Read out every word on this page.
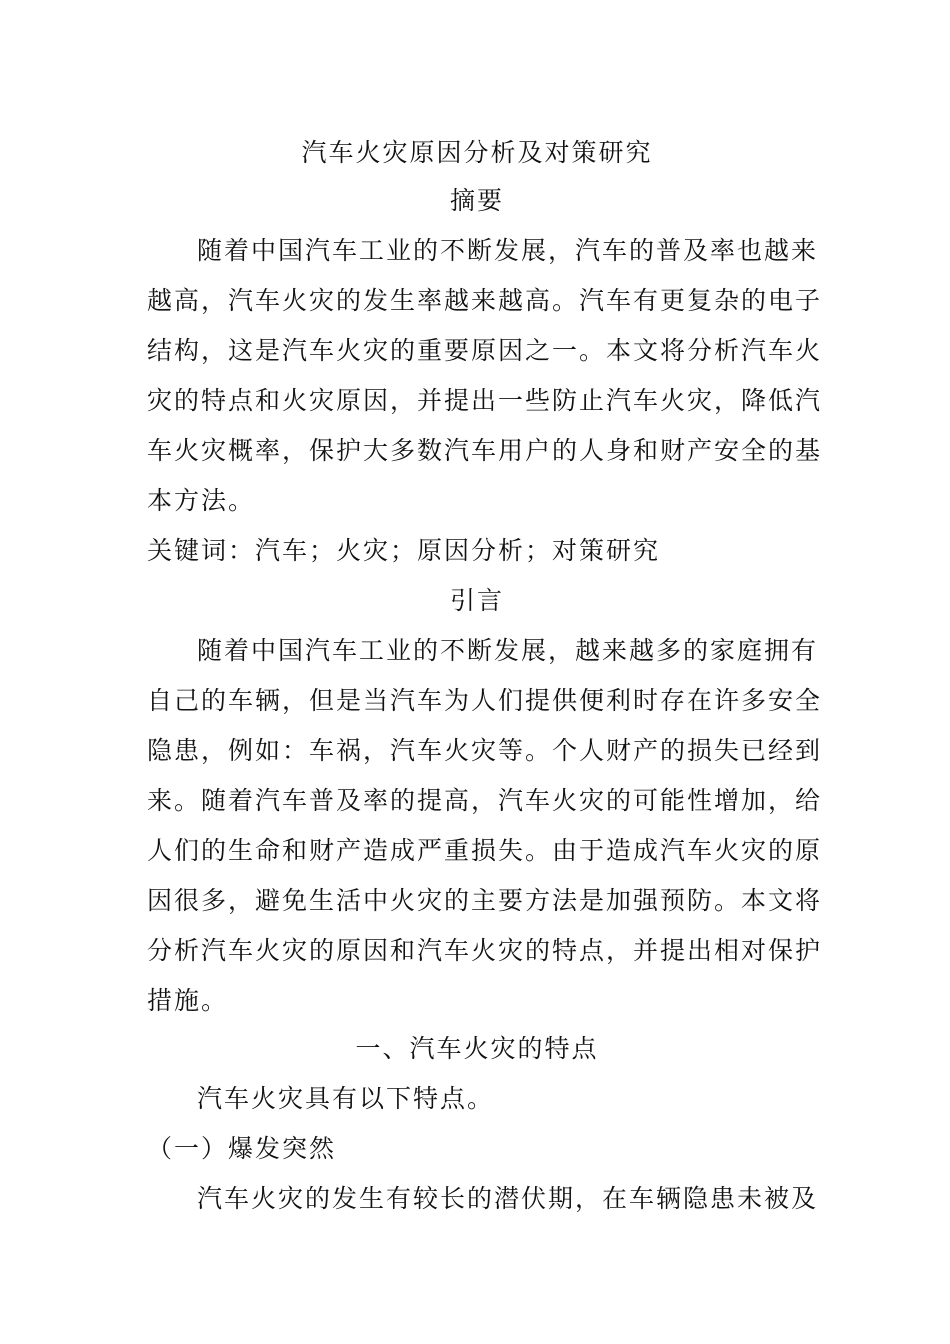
汽车火灾原因分析及对策研究
摘要
随着中国汽车工业的不断发展，汽车的普及率也越来
越高，汽车火灾的发生率越来越高。汽车有更复杂的电子
结构，这是汽车火灾的重要原因之一。本文将分析汽车火
灾的特点和火灾原因，并提出一些防止汽车火灾，降低汽
车火灾概率，保护大多数汽车用户的人身和财产安全的基
本方法。
关键词：汽车；火灾；原因分析；对策研究
引言
随着中国汽车工业的不断发展，越来越多的家庭拥有
自己的车辆，但是当汽车为人们提供便利时存在许多安全
隐患，例如：车祸，汽车火灾等。个人财产的损失已经到
来。随着汽车普及率的提高，汽车火灾的可能性增加，给
人们的生命和财产造成严重损失。由于造成汽车火灾的原
因很多，避免生活中火灾的主要方法是加强预防。本文将
分析汽车火灾的原因和汽车火灾的特点，并提出相对保护
措施。
一、汽车火灾的特点
汽车火灾具有以下特点。
（一）爆发突然
汽车火灾的发生有较长的潜伏期，在车辆隐患未被及
